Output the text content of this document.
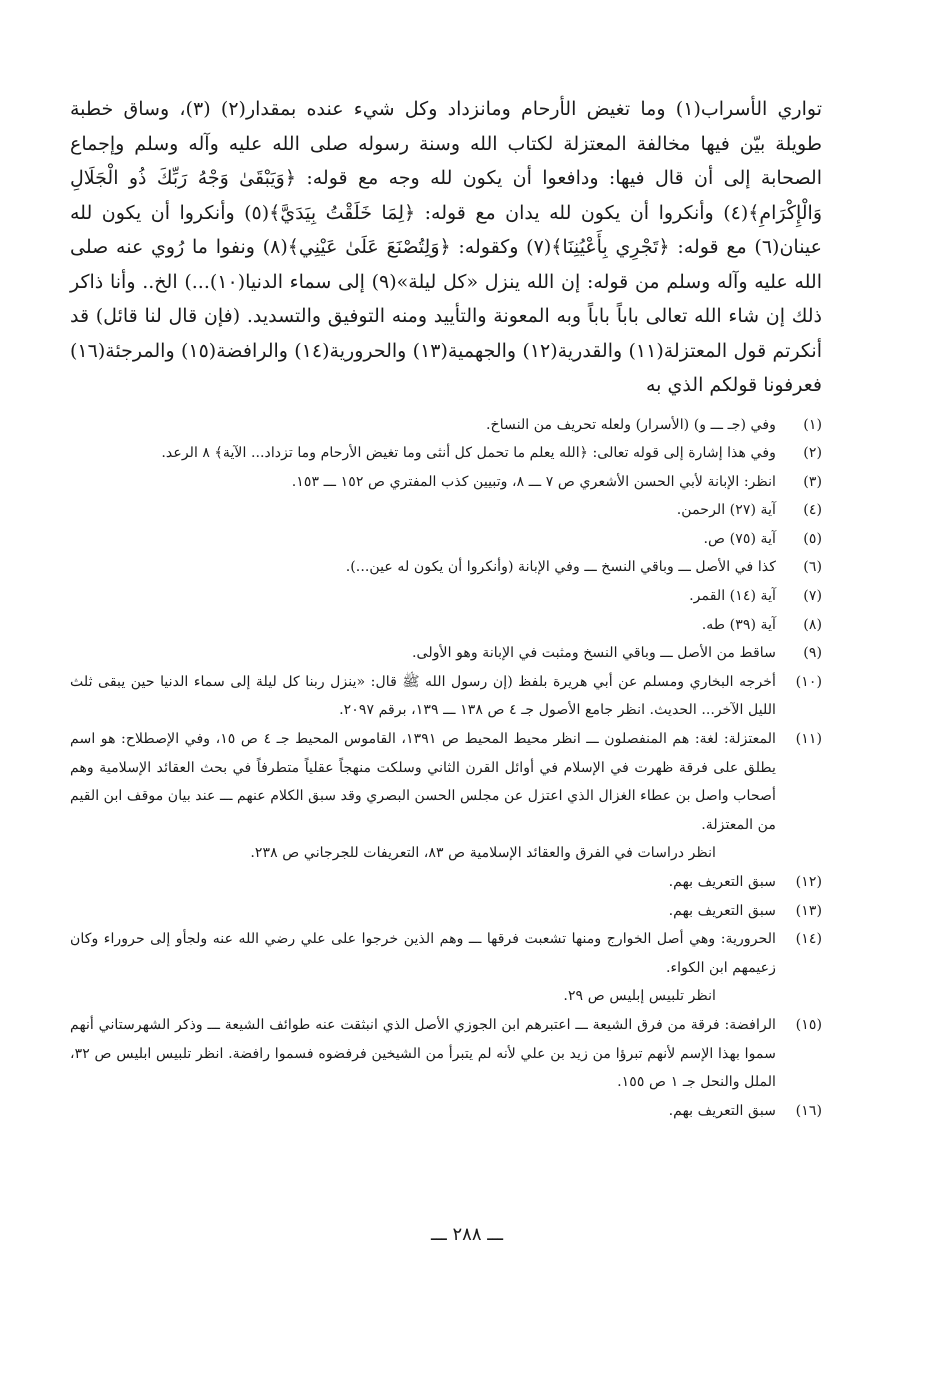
تواري الأسراب(١) وما تغيض الأرحام ومانزداد وكل شيء عنده بمقدار(٢) (٣)، وساق خطبة طويلة بيّن فيها مخالفة المعتزلة لكتاب الله وسنة رسوله صلى الله عليه وآله وسلم وإجماع الصحابة إلى أن قال فيها: ودافعوا أن يكون لله وجه مع قوله: ﴿وَيَبْقَىٰ وَجْهُ رَبِّكَ ذُو الْجَلَالِ وَالْإِكْرَامِ﴾(٤) وأنكروا أن يكون لله يدان مع قوله: ﴿لِمَا خَلَقْتُ بِيَدَيَّ﴾(٥) وأنكروا أن يكون لله عينان(٦) مع قوله: ﴿تَجْرِي بِأَعْيُنِنَا﴾(٧) وكقوله: ﴿وَلِتُصْنَعَ عَلَىٰ عَيْنِي﴾(٨) ونفوا ما رُوي عنه صلى الله عليه وآله وسلم من قوله: إن الله ينزل «كل ليلة»(٩) إلى سماء الدنيا(١٠)...) الخ.. وأنا ذاكر ذلك إن شاء الله تعالى باباً باباً وبه المعونة والتأييد ومنه التوفيق والتسديد. (فإن قال لنا قائل) قد أنكرتم قول المعتزلة(١١) والقدرية(١٢) والجهمية(١٣) والحرورية(١٤) والرافضة(١٥) والمرجئة(١٦) فعرفونا قولكم الذي به

(١)
وفي (جـ ـــ و) (الأسرار) ولعله تحريف من النساخ.
(٢)
وفي هذا إشارة إلى قوله تعالى: ﴿الله يعلم ما تحمل كل أنثى وما تغيض الأرحام وما تزداد... الآية﴾ ٨ الرعد.
(٣)
انظر: الإبانة لأبي الحسن الأشعري ص ٧ ـــ ٨، وتبيين كذب المفتري ص ١٥٢ ـــ ١٥٣.
(٤)
آية (٢٧) الرحمن.
(٥)
آية (٧٥) ص.
(٦)
كذا في الأصل ـــ وباقي النسخ ـــ وفي الإبانة (وأنكروا أن يكون له عين...).
(٧)
آية (١٤) القمر.
(٨)
آية (٣٩) طه.
(٩)
ساقط من الأصل ـــ وباقي النسخ ومثبت في الإبانة وهو الأولى.
(١٠)
أخرجه البخاري ومسلم عن أبي هريرة بلفظ (إن رسول الله ﷺ قال: «ينزل ربنا كل ليلة إلى سماء الدنيا حين يبقى ثلث الليل الآخر... الحديث. انظر جامع الأصول جـ ٤ ص ١٣٨ ـــ ١٣٩، برقم ٢٠٩٧.
(١١)
المعتزلة: لغة: هم المنفصلون ـــ انظر محيط المحيط ص ١٣٩١، القاموس المحيط جـ ٤ ص ١٥، وفي الإصطلاح: هو اسم يطلق على فرقة ظهرت في الإسلام في أوائل القرن الثاني وسلكت منهجاً عقلياً متطرفاً في بحث العقائد الإسلامية وهم أصحاب واصل بن عطاء الغزال الذي اعتزل عن مجلس الحسن البصري وقد سبق الكلام عنهم ـــ عند بيان موقف ابن القيم من المعتزلة.
انظر دراسات في الفرق والعقائد الإسلامية ص ٨٣، التعريفات للجرجاني ص ٢٣٨.
(١٢)
سبق التعريف بهم.
(١٣)
سبق التعريف بهم.
(١٤)
الحرورية: وهي أصل الخوارج ومنها تشعبت فرقها ـــ وهم الذين خرجوا على علي رضي الله عنه ولجأو إلى حروراء وكان زعيمهم ابن الكواء.
انظر تلبيس إبليس ص ٢٩.
(١٥)
الرافضة: فرقة من فرق الشيعة ـــ اعتبرهم ابن الجوزي الأصل الذي انبثقت عنه طوائف الشيعة ـــ وذكر الشهرستاني أنهم سموا بهذا الإسم لأنهم تبرؤا من زيد بن علي لأنه لم يتبرأ من الشيخين فرفضوه فسموا رافضة. انظر تلبيس ابليس ص ٣٢، الملل والنحل جـ ١ ص ١٥٥.
(١٦)
سبق التعريف بهم.
ـــ ٢٨٨ ـــ
